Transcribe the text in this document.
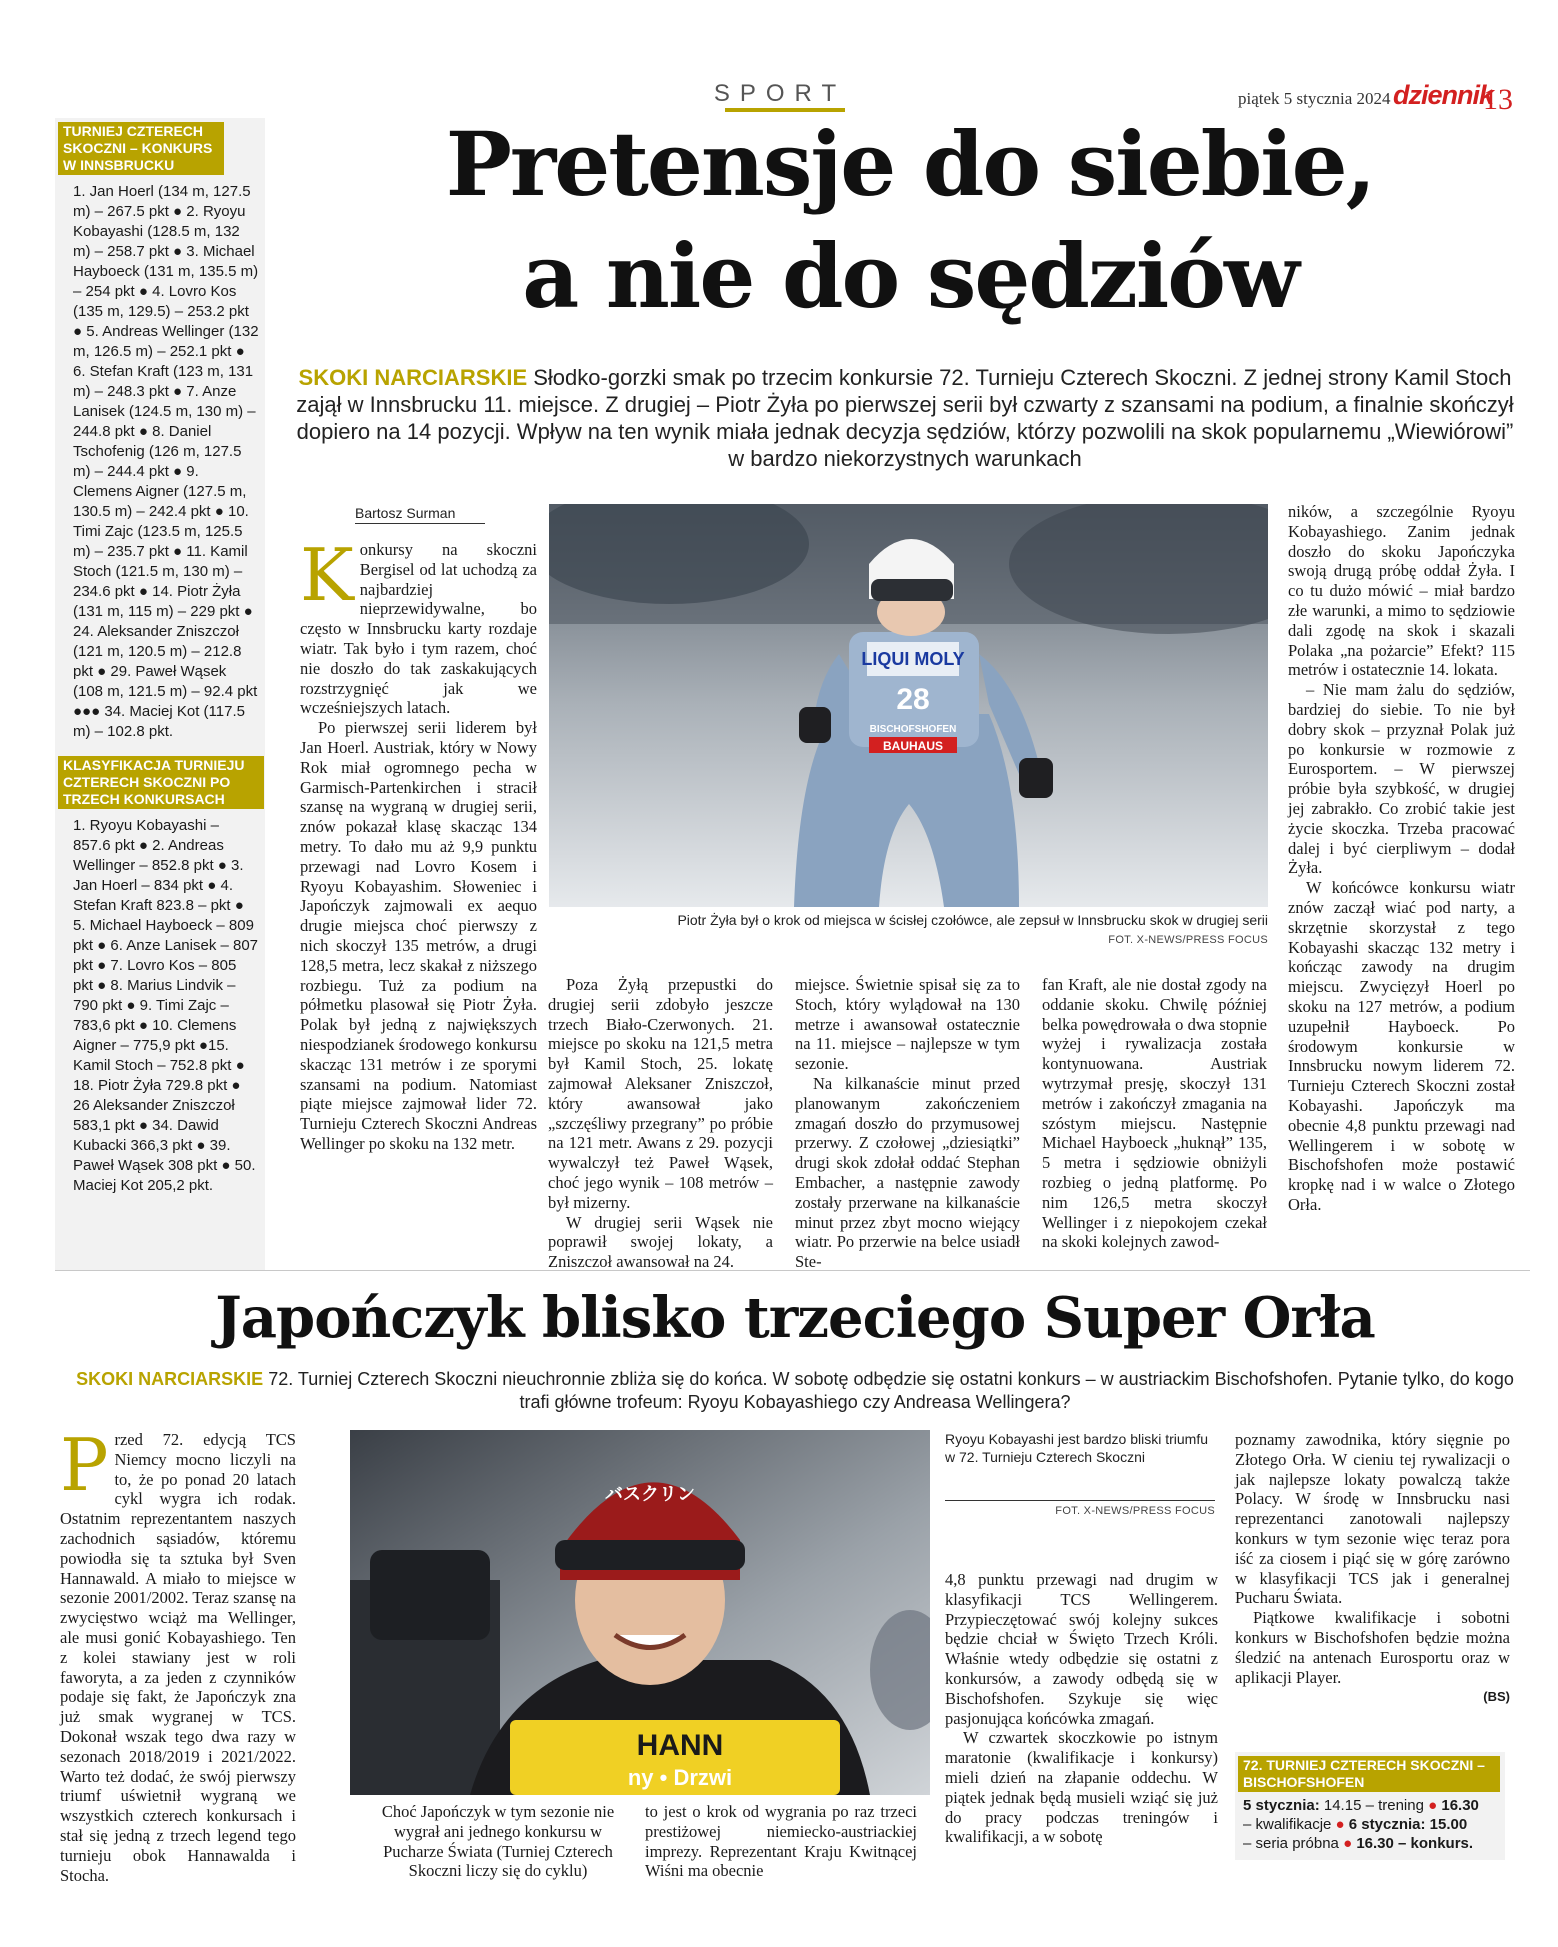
SPORT	piątek 5 stycznia 2024 dziennik
13
TURNIEJ CZTERECH SKOCZNI – KONKURS W INNSBRUCKU
1. Jan Hoerl (134 m, 127.5 m) – 267.5 pkt ● 2. Ryoyu Kobayashi (128.5 m, 132 m) – 258.7 pkt ● 3. Michael Hayboeck (131 m, 135.5 m) – 254 pkt ● 4. Lovro Kos (135 m, 129.5) – 253.2 pkt ● 5. Andreas Wellinger (132 m, 126.5 m) – 252.1 pkt ● 6. Stefan Kraft (123 m, 131 m) – 248.3 pkt ● 7. Anze Lanisek (124.5 m, 130 m) – 244.8 pkt ● 8. Daniel Tschofenig (126 m, 127.5 m) – 244.4 pkt ● 9. Clemens Aigner (127.5 m, 130.5 m) – 242.4 pkt ● 10. Timi Zajc (123.5 m, 125.5 m) – 235.7 pkt ● 11. Kamil Stoch (121.5 m, 130 m) – 234.6 pkt ● 14. Piotr Żyła (131 m, 115 m) – 229 pkt ● 24. Aleksander Zniszczoł (121 m, 120.5 m) – 212.8 pkt ● 29. Paweł Wąsek (108 m, 121.5 m) – 92.4 pkt ●●● 34. Maciej Kot (117.5 m) – 102.8 pkt.
KLASYFIKACJA TURNIEJU CZTERECH SKOCZNI PO TRZECH KONKURSACH
1. Ryoyu Kobayashi – 857.6 pkt ● 2. Andreas Wellinger – 852.8 pkt ● 3. Jan Hoerl – 834 pkt ● 4. Stefan Kraft 823.8 – pkt ● 5. Michael Hayboeck – 809 pkt ● 6. Anze Lanisek – 807 pkt ● 7. Lovro Kos – 805 pkt ● 8. Marius Lindvik – 790 pkt ● 9. Timi Zajc – 783,6 pkt ● 10. Clemens Aigner – 775,9 pkt ●15. Kamil Stoch – 752.8 pkt ● 18. Piotr Żyła 729.8 pkt ● 26 Aleksander Zniszczoł 583,1 pkt ● 34. Dawid Kubacki 366,3 pkt ● 39. Paweł Wąsek 308 pkt ● 50. Maciej Kot 205,2 pkt.
Pretensje do siebie,
a nie do sędziów
SKOKI NARCIARSKIE Słodko-gorzki smak po trzecim konkursie 72. Turnieju Czterech Skoczni. Z jednej strony Kamil Stoch zajął w Innsbrucku 11. miejsce. Z drugiej – Piotr Żyła po pierwszej serii był czwarty z szansami na podium, a finalnie skończył dopiero na 14 pozycji. Wpływ na ten wynik miała jednak decyzja sędziów, którzy pozwolili na skok popularnemu „Wiewiórowi” w bardzo niekorzystnych warunkach
Bartosz Surman
K onkursy na skoczni Bergisel od lat uchodzą za najbardziej nieprzewidywalne, bo często w Innsbrucku karty rozdaje wiatr. Tak było i tym razem, choć nie doszło do tak zaskakujących rozstrzygnięć jak we wcześniejszych latach.

Po pierwszej serii liderem był Jan Hoerl. Austriak, który w Nowy Rok miał ogromnego pecha w Garmisch-Partenkirchen i stracił szansę na wygraną w drugiej serii, znów pokazał klasę skacząc 134 metry. To dało mu aż 9,9 punktu przewagi nad Lovro Kosem i Ryoyu Kobayashim. Słoweniec i Japończyk zajmowali ex aequo drugie miejsca choć pierwszy z nich skoczył 135 metrów, a drugi 128,5 metra, lecz skakał z niższego rozbiegu. Tuż za podium na półmetku plasował się Piotr Żyła. Polak był jedną z największych niespodzianek środowego konkursu skacząc 131 metrów i ze sporymi szansami na podium. Natomiast piąte miejsce zajmował lider 72. Turnieju Czterech Skoczni Andreas Wellinger po skoku na 132 metr.

LIQUI MOLY
28
BISCHOFSHOFEN
BAUHAUS
Piotr Żyła był o krok od miejsca w ścisłej czołówce, ale zepsuł w Innsbrucku skok w drugiej serii
FOT. X-NEWS/PRESS FOCUS

Poza Żyłą przepustki do drugiej serii zdobyło jeszcze trzech Biało-Czerwonych. 21. miejsce po skoku na 121,5 metra był Kamil Stoch, 25. lokatę zajmował Aleksaner Zniszczoł, który awansował jako „szczęśliwy przegrany” po próbie na 121 metr. Awans z 29. pozycji wywalczył też Paweł Wąsek, choć jego wynik – 108 metrów – był mizerny.

W drugiej serii Wąsek nie poprawił swojej lokaty, a Zniszczoł awansował na 24.

miejsce. Świetnie spisał się za to Stoch, który wylądował na 130 metrze i awansował ostatecznie na 11. miejsce – najlepsze w tym sezonie.

Na kilkanaście minut przed planowanym zakończeniem zmagań doszło do przymusowej przerwy. Z czołowej „dziesiątki” drugi skok zdołał oddać Stephan Embacher, a następnie zawody zostały przerwane na kilkanaście minut przez zbyt mocno wiejący wiatr. Po przerwie na belce usiadł Ste-

fan Kraft, ale nie dostał zgody na oddanie skoku. Chwilę później belka powędrowała o dwa stopnie wyżej i rywalizacja została kontynuowana. Austriak wytrzymał presję, skoczył 131 metrów i zakończył zmagania na szóstym miejscu. Następnie Michael Hayboeck „huknął” 135, 5 metra i sędziowie obniżyli rozbieg o jedną platformę. Po nim 126,5 metra skoczył Wellinger i z niepokojem czekał na skoki kolejnych zawod-

ników, a szczególnie Ryoyu Kobayashiego. Zanim jednak doszło do skoku Japończyka swoją drugą próbę oddał Żyła. I co tu dużo mówić – miał bardzo złe warunki, a mimo to sędziowie dali zgodę na skok i skazali Polaka „na pożarcie” Efekt? 115 metrów i ostatecznie 14. lokata.

– Nie mam żalu do sędziów, bardziej do siebie. To nie był dobry skok – przyznał Polak już po konkursie w rozmowie z Eurosportem. – W pierwszej próbie była szybkość, w drugiej jej zabrakło. Co zrobić takie jest życie skoczka. Trzeba pracować dalej i być cierpliwym – dodał Żyła.

W końcówce konkursu wiatr znów zaczął wiać pod narty, a skrzętnie skorzystał z tego Kobayashi skacząc 132 metry i kończąc zawody na drugim miejscu. Zwycięzył Hoerl po skoku na 127 metrów, a podium uzupełnił Hayboeck. Po środowym konkursie w Innsbrucku nowym liderem 72. Turnieju Czterech Skoczni został Kobayashi. Japończyk ma obecnie 4,8 punktu przewagi nad Wellingerem i w sobotę w Bischofshofen może postawić kropkę nad i w walce o Złotego Orła.

Japończyk blisko trzeciego Super Orła
SKOKI NARCIARSKIE 72. Turniej Czterech Skoczni nieuchronnie zbliża się do końca. W sobotę odbędzie się ostatni konkurs – w austriackim Bischofshofen. Pytanie tylko, do kogo trafi główne trofeum: Ryoyu Kobayashiego czy Andreasa Wellingera?
P rzed 72. edycją TCS Niemcy mocno liczyli na to, że po ponad 20 latach cykl wygra ich rodak. Ostatnim reprezentantem naszych zachodnich sąsiadów, któremu powiodła się ta sztuka był Sven Hannawald. A miało to miejsce w sezonie 2001/2002. Teraz szansę na zwycięstwo wciąż ma Wellinger, ale musi gonić Kobayashiego. Ten z kolei stawiany jest w roli faworyta, a za jeden z czynników podaje się fakt, że Japończyk zna już smak wygranej w TCS. Dokonał wszak tego dwa razy w sezonach 2018/2019 i 2021/2022. Warto też dodać, że swój pierwszy triumf uświetnił wygraną we wszystkich czterech konkursach i stał się jedną z trzech legend tego turnieju obok Hannawalda i Stocha.

HANN
ny • Drzwi
バスクリン
Ryoyu Kobayashi jest bardzo bliski triumfu w 72. Turnieju Czterech Skoczni
FOT. X-NEWS/PRESS FOCUS

Choć Japończyk w tym sezonie nie wygrał ani jednego konkursu w Pucharze Świata (Turniej Czterech Skoczni liczy się do cyklu)

to jest o krok od wygrania po raz trzeci prestiżowej niemiecko-austriackiej imprezy. Reprezentant Kraju Kwitnącej Wiśni ma obecnie

4,8 punktu przewagi nad drugim w klasyfikacji TCS Wellingerem. Przypieczętować swój kolejny sukces będzie chciał w Święto Trzech Króli. Właśnie wtedy odbędzie się ostatni z konkursów, a zawody odbędą się w Bischofshofen. Szykuje się więc pasjonująca końcówka zmagań.

W czwartek skoczkowie po istnym maratonie (kwalifikacje i konkursy) mieli dzień na złapanie oddechu. W piątek jednak będą musieli wziąć się już do pracy podczas treningów i kwalifikacji, a w sobotę

poznamy zawodnika, który sięgnie po Złotego Orła. W cieniu tej rywalizacji o jak najlepsze lokaty powalczą także Polacy. W środę w Innsbrucku nasi reprezentanci zanotowali najlepszy konkurs w tym sezonie więc teraz pora iść za ciosem i piąć się w górę zarówno w klasyfikacji TCS jak i generalnej Pucharu Świata.

Piątkowe kwalifikacje i sobotni konkurs w Bischofshofen będzie można śledzić na antenach Eurosportu oraz w aplikacji Player.

(BS)
72. TURNIEJ CZTERECH SKOCZNI – BISCHOFSHOFEN
5 stycznia: 14.15 – trening ● 16.30
– kwalifikacje ● 6 stycznia: 15.00
– seria próbna ● 16.30 – konkurs.
